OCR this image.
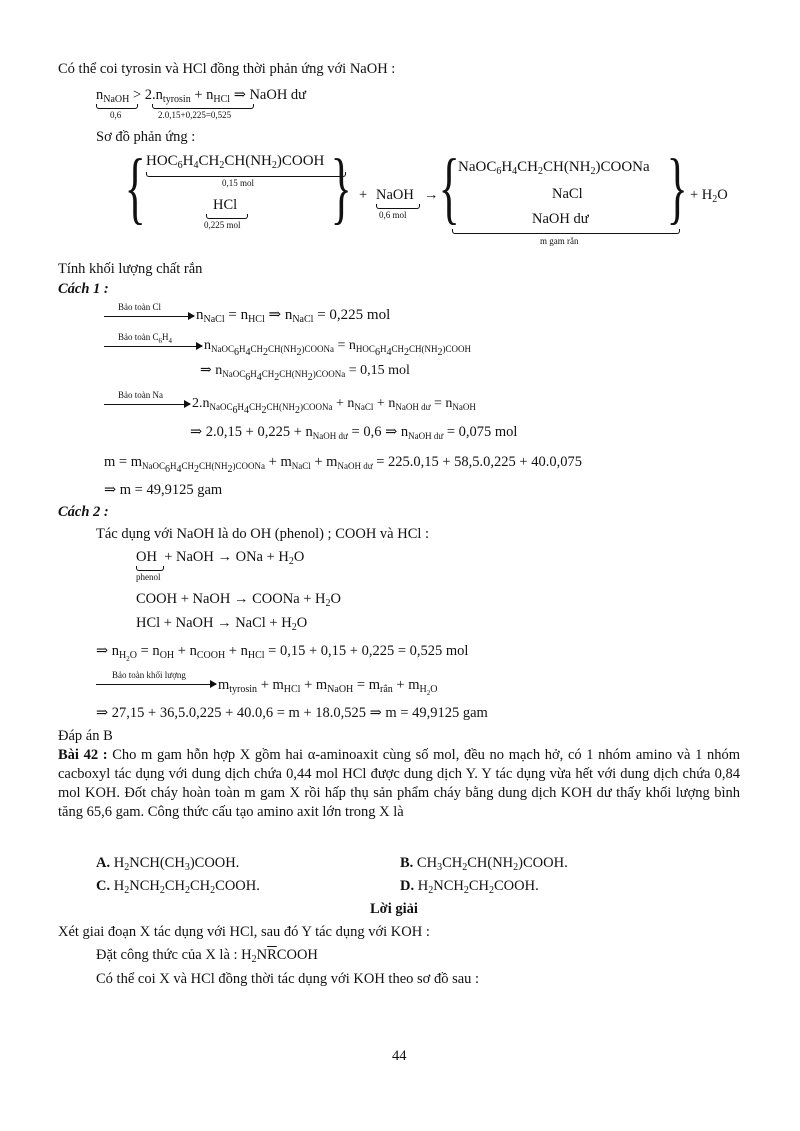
Có thể coi tyrosin và HCl đồng thời phản ứng với NaOH :
$n_{NaOH} > 2.n_{tyrosin} + n_{HCl}$ ⇒ NaOH dư
0,6	2.0,15+0,225=0,525
Sơ đồ phản ứng :
{ $HOC_6H_4CH_2CH(NH_2)COOH$
0,15 mol
HCl
0,225 mol } + NaOH
0,6 mol
→ {
$NaOC_6H_4CH_2CH(NH_2)COONa$
NaCl
NaOH dư }
m gam rắn
+ $H_2O$
Tính khối lượng chất rắn
Cách 1 :
Bảo toàn Cl $n_{NaCl} = n_{HCl}$ ⇒ $n_{NaCl} = 0,225$ mol
Bảo toàn $C_6H_4$ $n_{NaOC_6H_4CH_2CH(NH_2)COONa} = n_{HOC_6H_4CH_2CH(NH_2)COOH}$
⇒ $n_{NaOC_6H_4CH_2CH(NH_2)COONa} = 0,15$ mol
Bảo toàn Na
$2.n_{NaOC_6H_4CH_2CH(NH_2)COONa} + n_{NaCl} + n_{NaOH dư} = n_{NaOH}$
⇒ $2.0,15 + 0,225 + n_{NaOH dư} = 0,6$ ⇒ $n_{NaOH dư} = 0,075$ mol
$m = m_{NaOC_6H_4CH_2CH(NH_2)COONa} + m_{NaCl} + m_{NaOH dư} = 225.0,15 + 58,5.0,225 + 40.0,075$
⇒ m = 49,9125 gam
Cách 2 :
Tác dụng với NaOH là do OH (phenol) ; COOH và HCl :
OH + NaOH → ONa + $H_2O$
phenol
COOH + NaOH → COONa + $H_2O$
HCl + NaOH → NaCl + $H_2O$
⇒ $n_{H_2O} = n_{OH} + n_{COOH} + n_{HCl} = 0,15 + 0,15 + 0,225 = 0,525$ mol
Bảo toàn khối lượng
$m_{tyrosin} + m_{HCl} + m_{NaOH} = m_{rắn} + m_{H_2O}$
⇒ 27,15 + 36,5.0,225 + 40.0,6 = m + 18.0,525 ⇒ m = 49,9125 gam
Đáp án B
Bài 42 : Cho m gam hỗn hợp X gồm hai α-aminoaxit cùng số mol, đều no mạch hở, có 1 nhóm amino và 1 nhóm cacboxyl tác dụng với dung dịch chứa 0,44 mol HCl được dung dịch Y. Y tác dụng vừa hết với dung dịch chứa 0,84 mol KOH. Đốt cháy hoàn toàn m gam X rồi hấp thụ sản phẩm cháy bằng dung dịch KOH dư thấy khối lượng bình tăng 65,6 gam. Công thức cấu tạo amino axit lớn trong X là
A. $H_2NCH(CH_3)COOH$.	B. $CH_3CH_2CH(NH_2)COOH$.
C. $H_2NCH_2CH_2CH_2COOH$.	D. $H_2NCH_2CH_2COOH$.
Lời giải
Xét giai đoạn X tác dụng với HCl, sau đó Y tác dụng với KOH :
Đặt công thức của X là : $H_2N\overline{R}COOH$
Có thể coi X và HCl đồng thời tác dụng với KOH theo sơ đồ sau :
44
